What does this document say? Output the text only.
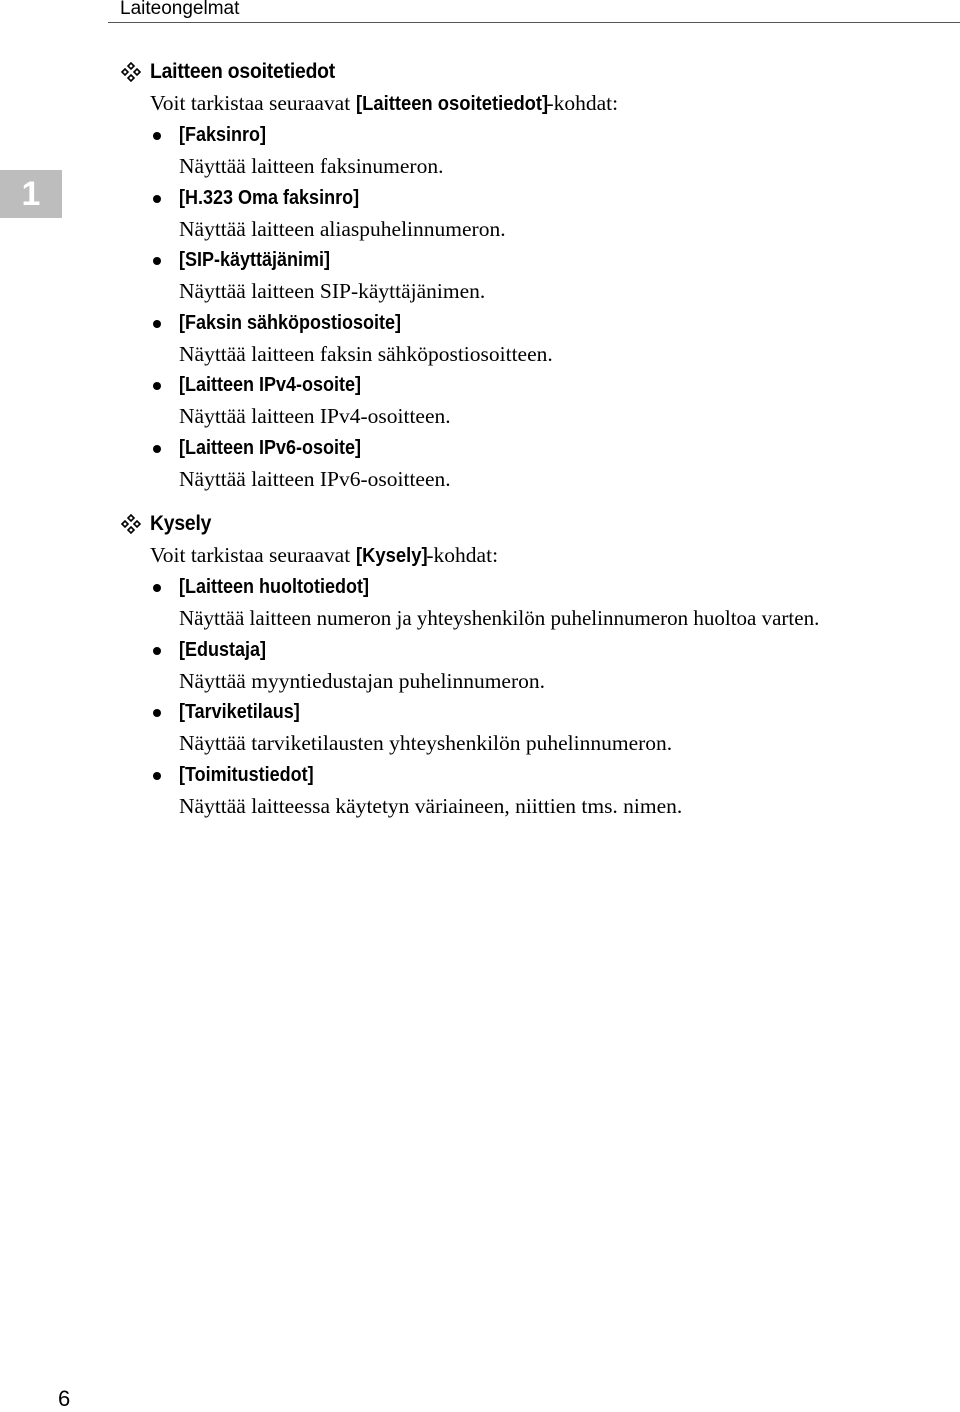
Laiteongelmat
1
Laitteen osoitetiedot

Voit tarkistaa seuraavat [Laitteen osoitetiedot]-kohdat:

[Faksinro]
Näyttää laitteen faksinumeron.
[H.323 Oma faksinro]
Näyttää laitteen aliaspuhelinnumeron.
[SIP-käyttäjänimi]
Näyttää laitteen SIP-käyttäjänimen.
[Faksin sähköpostiosoite]
Näyttää laitteen faksin sähköpostiosoitteen.
[Laitteen IPv4-osoite]
Näyttää laitteen IPv4-osoitteen.
[Laitteen IPv6-osoite]
Näyttää laitteen IPv6-osoitteen.
Kysely

Voit tarkistaa seuraavat [Kysely]-kohdat:

[Laitteen huoltotiedot]
Näyttää laitteen numeron ja yhteyshenkilön puhelinnumeron huoltoa varten.
[Edustaja]
Näyttää myyntiedustajan puhelinnumeron.
[Tarviketilaus]
Näyttää tarviketilausten yhteyshenkilön puhelinnumeron.
[Toimitustiedot]
Näyttää laitteessa käytetyn väriaineen, niittien tms. nimen.
6
